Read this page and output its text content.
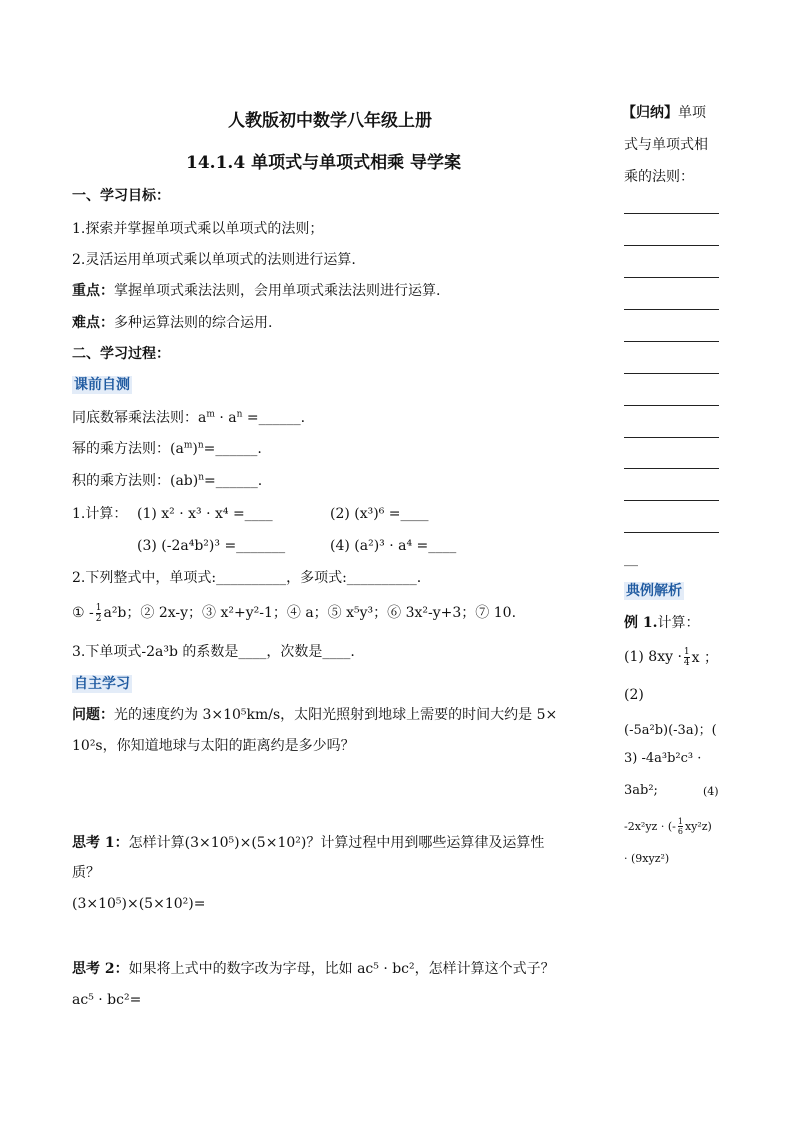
人教版初中数学八年级上册
14.1.4 单项式与单项式相乘 导学案
一、学习目标：
1.探索并掌握单项式乘以单项式的法则；
2.灵活运用单项式乘以单项式的法则进行运算.
重点：掌握单项式乘法法则，会用单项式乘法法则进行运算.
难点：多种运算法则的综合运用.
二、学习过程：
课前自测
同底数幂乘法法则：$a^m \cdot a^n$ =______.
幂的乘方法则：$(a^m)^n=\_\_\_\_\_\_$.
积的乘方法则：(ab)$^n$=______.
1.计算： (1) x² · x³ · x⁴ =____	(2) (x³)⁶ =____
(3) (-2a⁴b²)³ =_______	(4) (a²)³ · a⁴ =____
2.下列整式中，单项式:__________，多项式:__________.
① - $\frac{1}{2} a^2b$；② 2x-y；③ x²+y²-1；④ a；⑤ x⁵y³；⑥ 3x²-y+3；⑦ 10.
3.下单项式-2a³b 的系数是____，次数是____.
自主学习
问题：光的速度约为 3×10⁵km/s，太阳光照射到地球上需要的时间大约是 5×
10²s，你知道地球与太阳的距离约是多少吗？
思考 1：怎样计算(3×10⁵)×(5×10²)？计算过程中用到哪些运算律及运算性
质？
(3×10⁵)×(5×10²)=
思考 2：如果将上式中的数字改为字母，比如 ac⁵ · bc²，怎样计算这个式子？
ac⁵ · bc²=
【归纳】单项
式与单项式相
乘的法则：
__
典例解析
例 1.计算：
(1) $8xy \cdot \frac{1}{4}$ x ；
(2)
(-5a²b)(-3a)；(
3) -4a³b²c³ ·
3ab²;	(4)
-2x²yz · (- $\frac{1}{6} xy^2z$)
· (9xyz²)
